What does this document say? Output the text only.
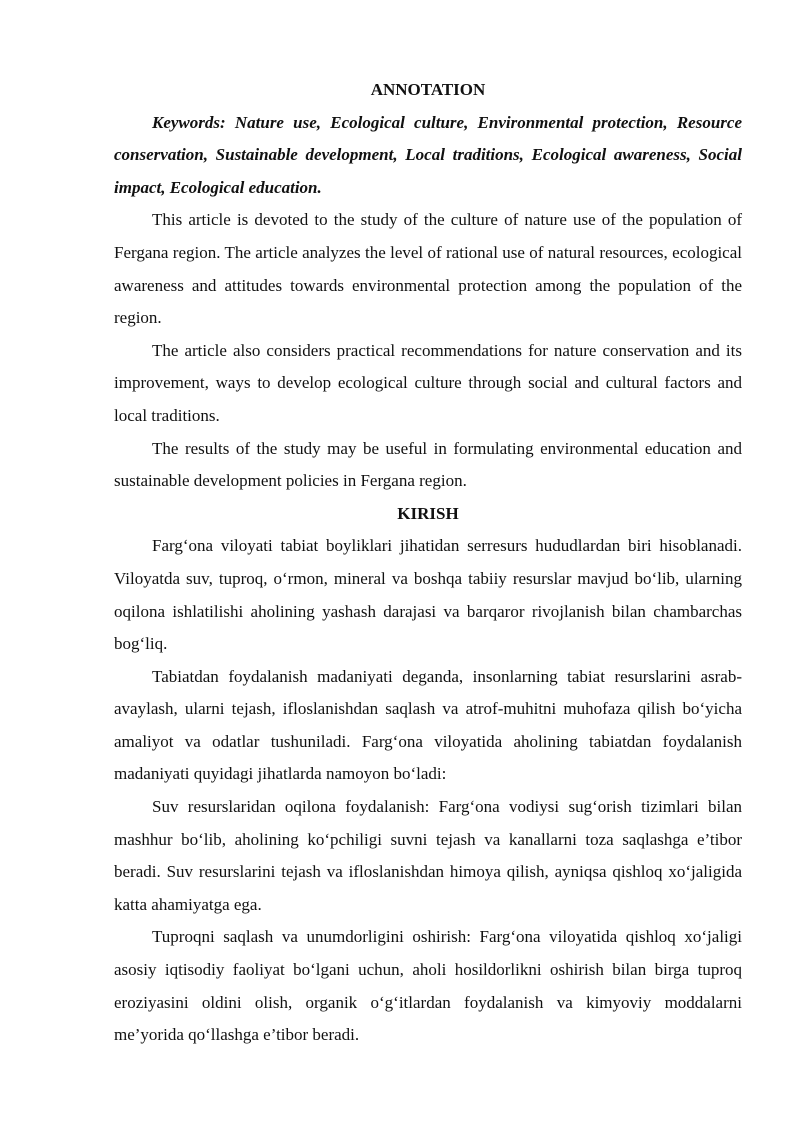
ANNOTATION

Keywords: Nature use, Ecological culture, Environmental protection, Resource conservation, Sustainable development, Local traditions, Ecological awareness, Social impact, Ecological education.

This article is devoted to the study of the culture of nature use of the population of Fergana region. The article analyzes the level of rational use of natural resources, ecological awareness and attitudes towards environmental protection among the population of the region.

The article also considers practical recommendations for nature conservation and its improvement, ways to develop ecological culture through social and cultural factors and local traditions.

The results of the study may be useful in formulating environmental education and sustainable development policies in Fergana region.

KIRISH

Farg‘ona viloyati tabiat boyliklari jihatidan serresurs hududlardan biri hisoblanadi. Viloyatda suv, tuproq, o‘rmon, mineral va boshqa tabiiy resurslar mavjud bo‘lib, ularning oqilona ishlatilishi aholining yashash darajasi va barqaror rivojlanish bilan chambarchas bog‘liq.

Tabiatdan foydalanish madaniyati deganda, insonlarning tabiat resurslarini asrab-avaylash, ularni tejash, ifloslanishdan saqlash va atrof-muhitni muhofaza qilish bo‘yicha amaliyot va odatlar tushuniladi. Farg‘ona viloyatida aholining tabiatdan foydalanish madaniyati quyidagi jihatlarda namoyon bo‘ladi:

Suv resurslaridan oqilona foydalanish: Farg‘ona vodiysi sug‘orish tizimlari bilan mashhur bo‘lib, aholining ko‘pchiligi suvni tejash va kanallarni toza saqlashga e’tibor beradi. Suv resurslarini tejash va ifloslanishdan himoya qilish, ayniqsa qishloq xo‘jaligida katta ahamiyatga ega.

Tuproqni saqlash va unumdorligini oshirish: Farg‘ona viloyatida qishloq xo‘jaligi asosiy iqtisodiy faoliyat bo‘lgani uchun, aholi hosildorlikni oshirish bilan birga tuproq eroziyasini oldini olish, organik o‘g‘itlardan foydalanish va kimyoviy moddalarni me’yorida qo‘llashga e’tibor beradi.
